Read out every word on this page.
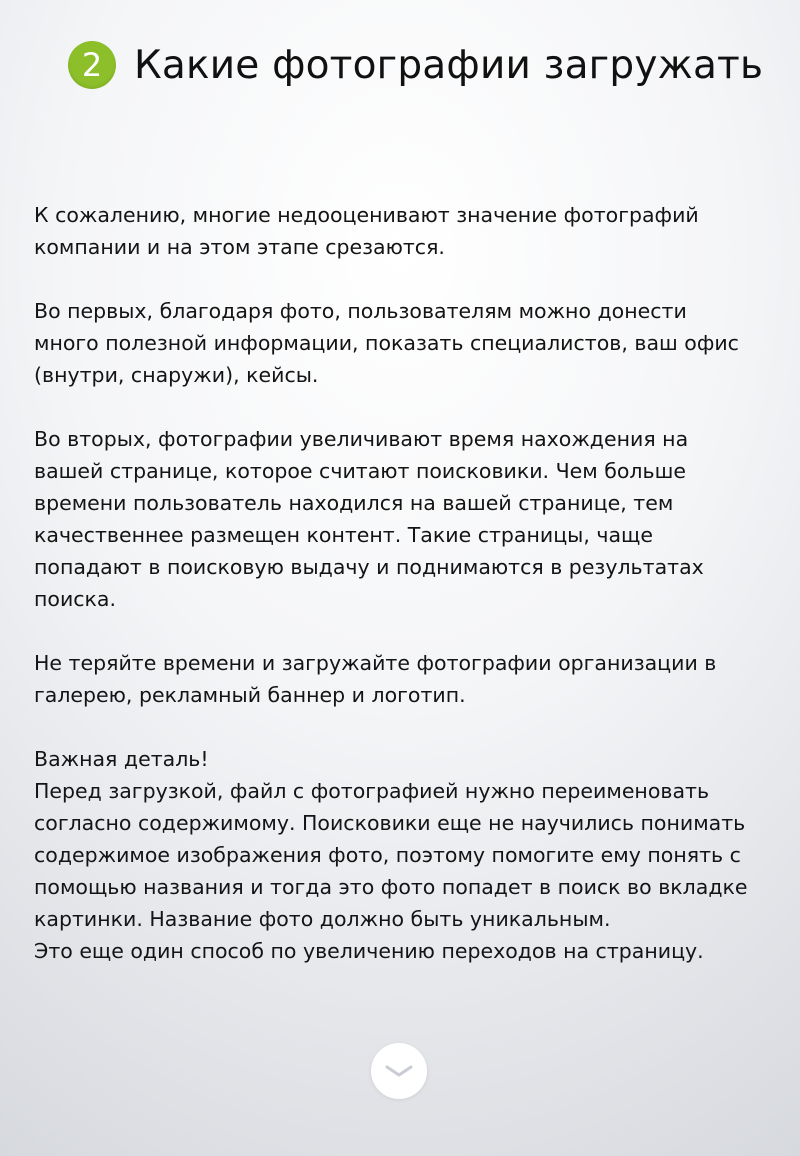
2 Какие фотографии загружать

К сожалению, многие недооценивают значение фотографий
компании и на этом этапе срезаются.

Во первых, благодаря фото, пользователям можно донести
много полезной информации, показать специалистов, ваш офис
(внутри, снаружи), кейсы.

Во вторых, фотографии увеличивают время нахождения на
вашей странице, которое считают поисковики. Чем больше
времени пользователь находился на вашей странице, тем
качественнее размещен контент. Такие страницы, чаще
попадают в поисковую выдачу и поднимаются в результатах
поиска.

Не теряйте времени и загружайте фотографии организации в
галерею, рекламный баннер и логотип.

Важная деталь!
Перед загрузкой, файл с фотографией нужно переименовать
согласно содержимому. Поисковики еще не научились понимать
содержимое изображения фото, поэтому помогите ему понять с
помощью названия и тогда это фото попадет в поиск во вкладке
картинки. Название фото должно быть уникальным.
Это еще один способ по увеличению переходов на страницу.
